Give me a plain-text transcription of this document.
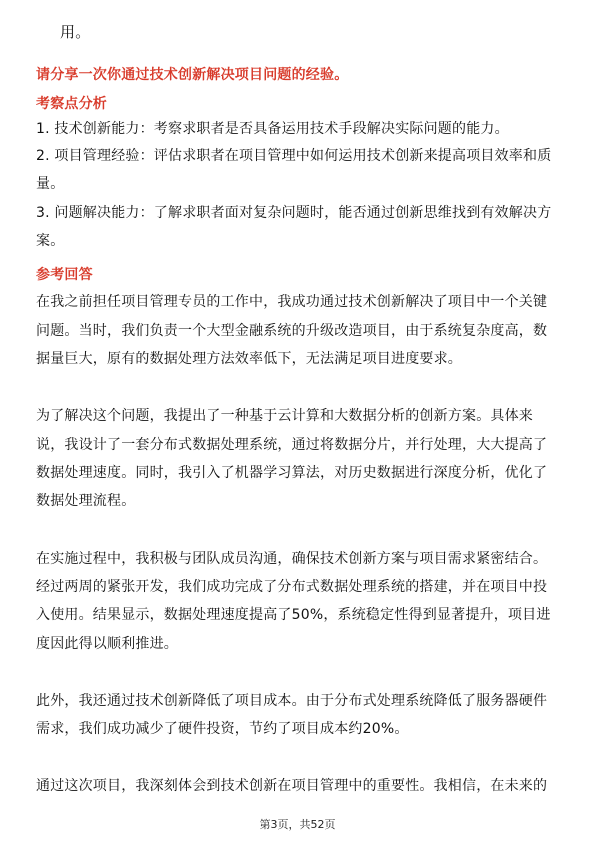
用。
请分享一次你通过技术创新解决项目问题的经验。
考察点分析
1. 技术创新能力：考察求职者是否具备运用技术手段解决实际问题的能力。
2. 项目管理经验：评估求职者在项目管理中如何运用技术创新来提高项目效率和质
量。
3. 问题解决能力：了解求职者面对复杂问题时，能否通过创新思维找到有效解决方
案。
参考回答
在我之前担任项目管理专员的工作中，我成功通过技术创新解决了项目中一个关键
问题。当时，我们负责一个大型金融系统的升级改造项目，由于系统复杂度高，数
据量巨大，原有的数据处理方法效率低下，无法满足项目进度要求。
为了解决这个问题，我提出了一种基于云计算和大数据分析的创新方案。具体来
说，我设计了一套分布式数据处理系统，通过将数据分片，并行处理，大大提高了
数据处理速度。同时，我引入了机器学习算法，对历史数据进行深度分析，优化了
数据处理流程。
在实施过程中，我积极与团队成员沟通，确保技术创新方案与项目需求紧密结合。
经过两周的紧张开发，我们成功完成了分布式数据处理系统的搭建，并在项目中投
入使用。结果显示，数据处理速度提高了50%，系统稳定性得到显著提升，项目进
度因此得以顺利推进。
此外，我还通过技术创新降低了项目成本。由于分布式处理系统降低了服务器硬件
需求，我们成功减少了硬件投资，节约了项目成本约20%。
通过这次项目，我深刻体会到技术创新在项目管理中的重要性。我相信，在未来的
第3页，共52页
